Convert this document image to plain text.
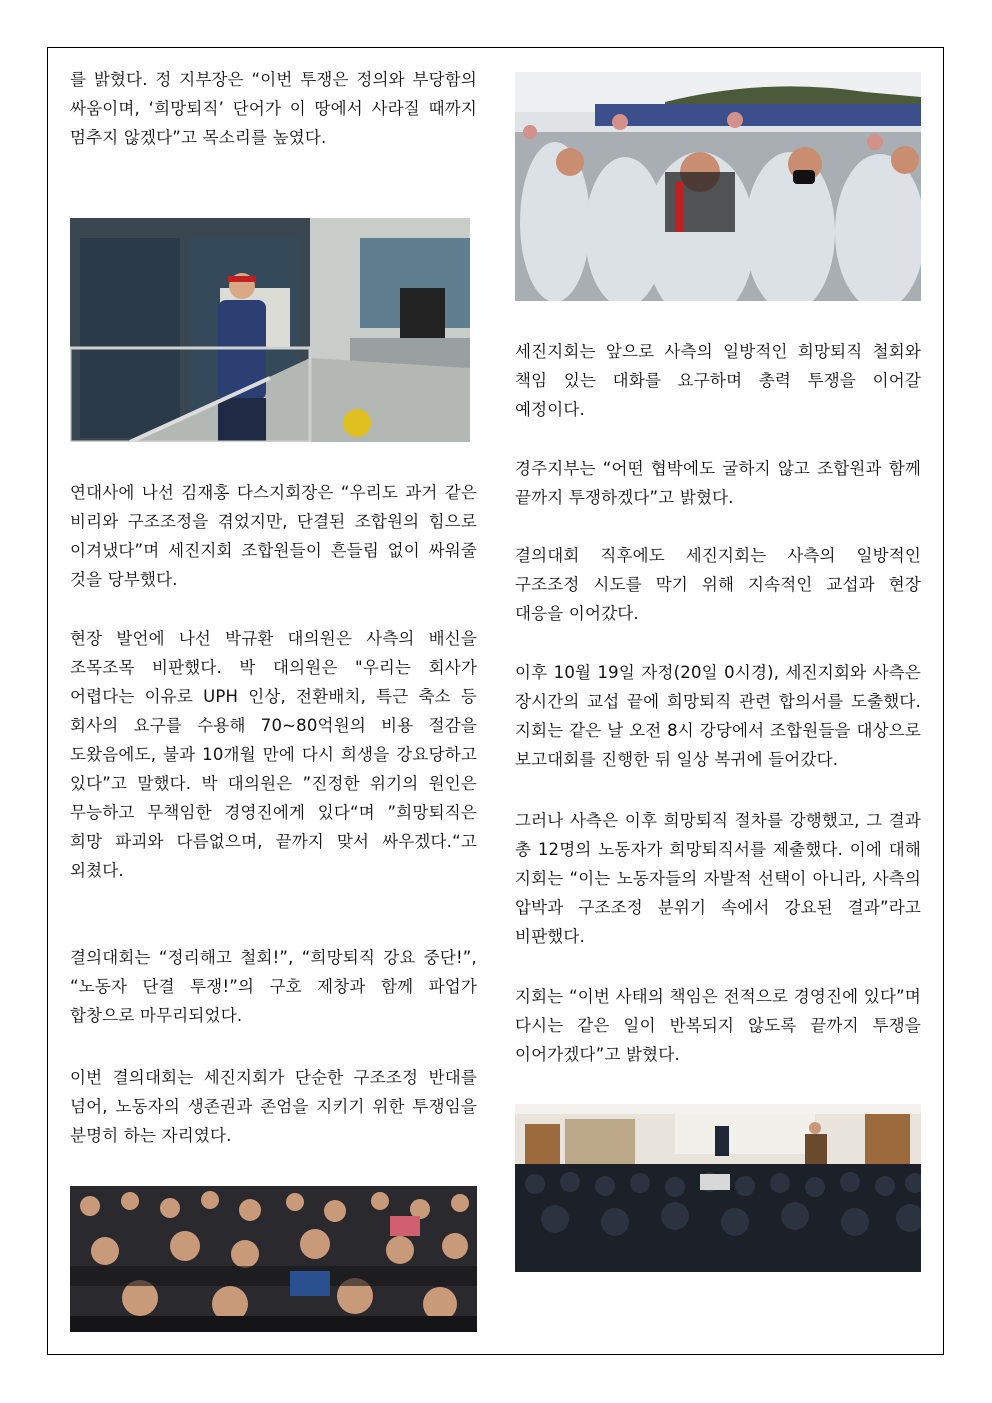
를 밝혔다. 정 지부장은 “이번 투쟁은 정의와 부당함의 싸움이며, ‘희망퇴직’ 단어가 이 땅에서 사라질 때까지 멈추지 않겠다”고 목소리를 높였다.

연대사에 나선 김재홍 다스지회장은 “우리도 과거 같은 비리와 구조조정을 겪었지만, 단결된 조합원의 힘으로 이겨냈다”며 세진지회 조합원들이 흔들림 없이 싸워줄 것을 당부했다.

현장 발언에 나선 박규환 대의원은 사측의 배신을 조목조목 비판했다. 박 대의원은 "우리는 회사가 어렵다는 이유로 UPH 인상, 전환배치, 특근 축소 등 회사의 요구를 수용해 70~80억원의 비용 절감을 도왔음에도, 불과 10개월 만에 다시 희생을 강요당하고 있다”고 말했다. 박 대의원은 ”진정한 위기의 원인은 무능하고 무책임한 경영진에게 있다“며 ”희망퇴직은 희망 파괴와 다름없으며, 끝까지 맞서 싸우겠다.“고 외쳤다.

결의대회는 “정리해고 철회!”, “희망퇴직 강요 중단!”, “노동자 단결 투쟁!”의 구호 제창과 함께 파업가 합창으로 마무리되었다.

이번 결의대회는 세진지회가 단순한 구조조정 반대를 넘어, 노동자의 생존권과 존엄을 지키기 위한 투쟁임을 분명히 하는 자리였다.

세진지회는 앞으로 사측의 일방적인 희망퇴직 철회와 책임 있는 대화를 요구하며 총력 투쟁을 이어갈 예정이다.

경주지부는 “어떤 협박에도 굴하지 않고 조합원과 함께 끝까지 투쟁하겠다”고 밝혔다.

결의대회 직후에도 세진지회는 사측의 일방적인 구조조정 시도를 막기 위해 지속적인 교섭과 현장 대응을 이어갔다.

이후 10월 19일 자정(20일 0시경), 세진지회와 사측은 장시간의 교섭 끝에 희망퇴직 관련 합의서를 도출했다. 지회는 같은 날 오전 8시 강당에서 조합원들을 대상으로 보고대회를 진행한 뒤 일상 복귀에 들어갔다.

그러나 사측은 이후 희망퇴직 절차를 강행했고, 그 결과 총 12명의 노동자가 희망퇴직서를 제출했다. 이에 대해 지회는 “이는 노동자들의 자발적 선택이 아니라, 사측의 압박과 구조조정 분위기 속에서 강요된 결과”라고 비판했다.

지회는 “이번 사태의 책임은 전적으로 경영진에 있다”며 다시는 같은 일이 반복되지 않도록 끝까지 투쟁을 이어가겠다”고 밝혔다.
